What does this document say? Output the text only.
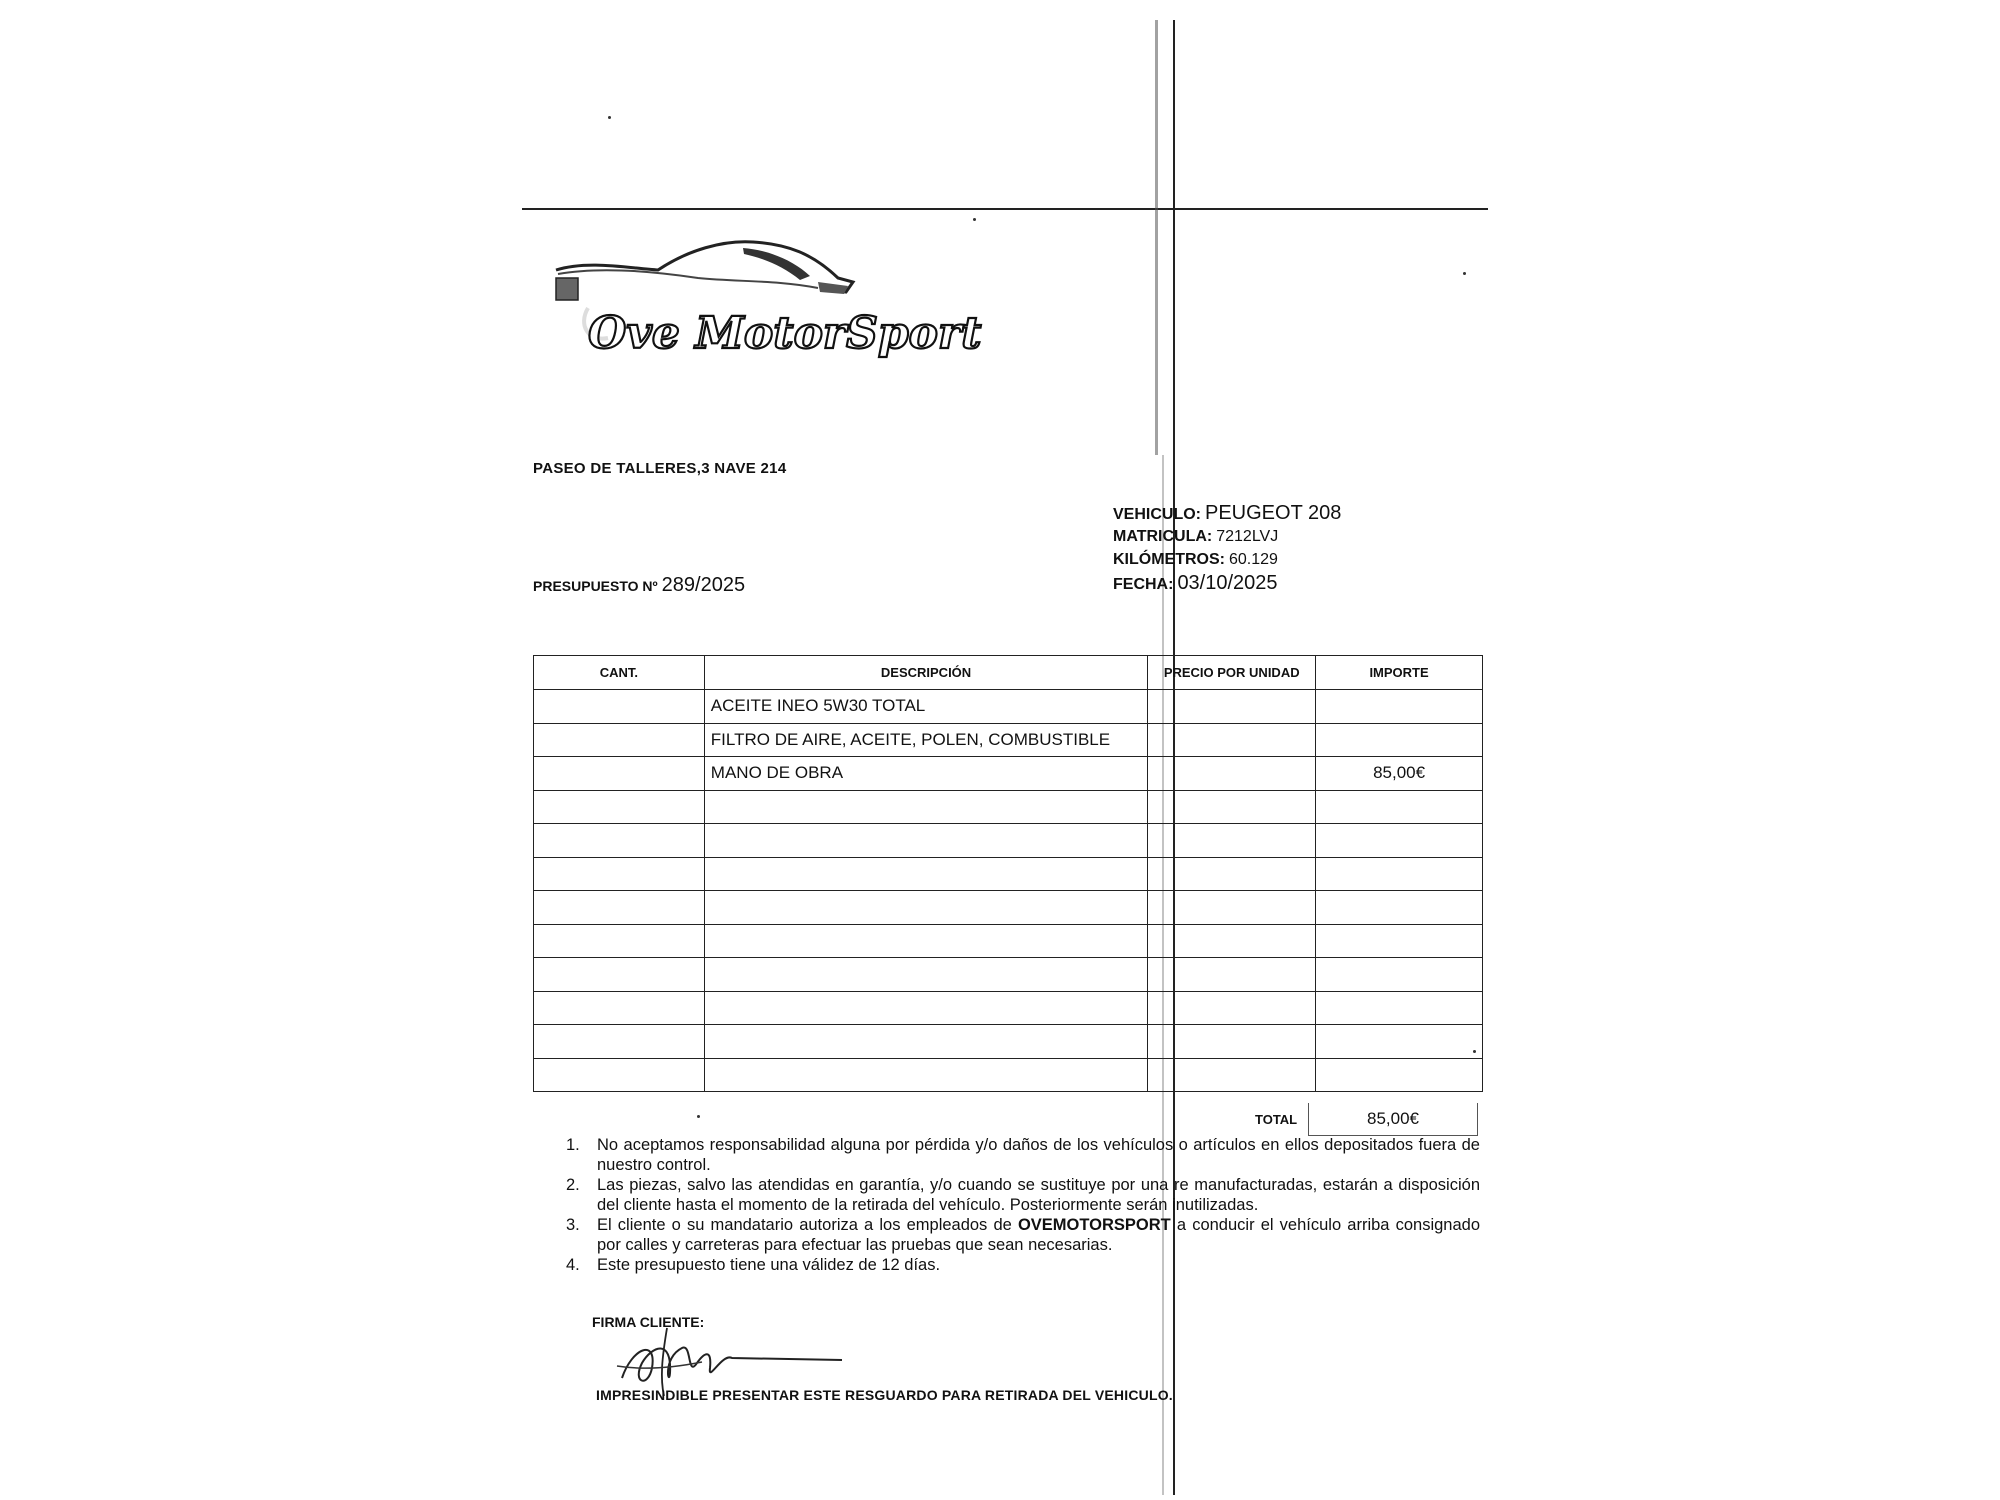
Ove MotorSport
PASEO DE TALLERES,3 NAVE 214
PRESUPUESTO Nº 289/2025
VEHICULO: PEUGEOT 208
MATRICULA: 7212LVJ
KILÓMETROS: 60.129
FECHA: 03/10/2025
CANT.	DESCRIPCIÓN	PRECIO POR UNIDAD	IMPORTE
	ACEITE INEO 5W30 TOTAL		
	FILTRO DE AIRE, ACEITE, POLEN, COMBUSTIBLE		
	MANO DE OBRA		85,00€

TOTAL	85,00€
1. No aceptamos responsabilidad alguna por pérdida y/o daños de los vehículos o artículos en ellos depositados fuera de nuestro control.
2. Las piezas, salvo las atendidas en garantía, y/o cuando se sustituye por una re manufacturadas, estarán a disposición del cliente hasta el momento de la retirada del vehículo. Posteriormente serán inutilizadas.
3. El cliente o su mandatario autoriza a los empleados de OVEMOTORSPORT a conducir el vehículo arriba consignado por calles y carreteras para efectuar las pruebas que sean necesarias.
4. Este presupuesto tiene una válidez de 12 días.
FIRMA CLIENTE:
IMPRESINDIBLE PRESENTAR ESTE RESGUARDO PARA RETIRADA DEL VEHICULO.
